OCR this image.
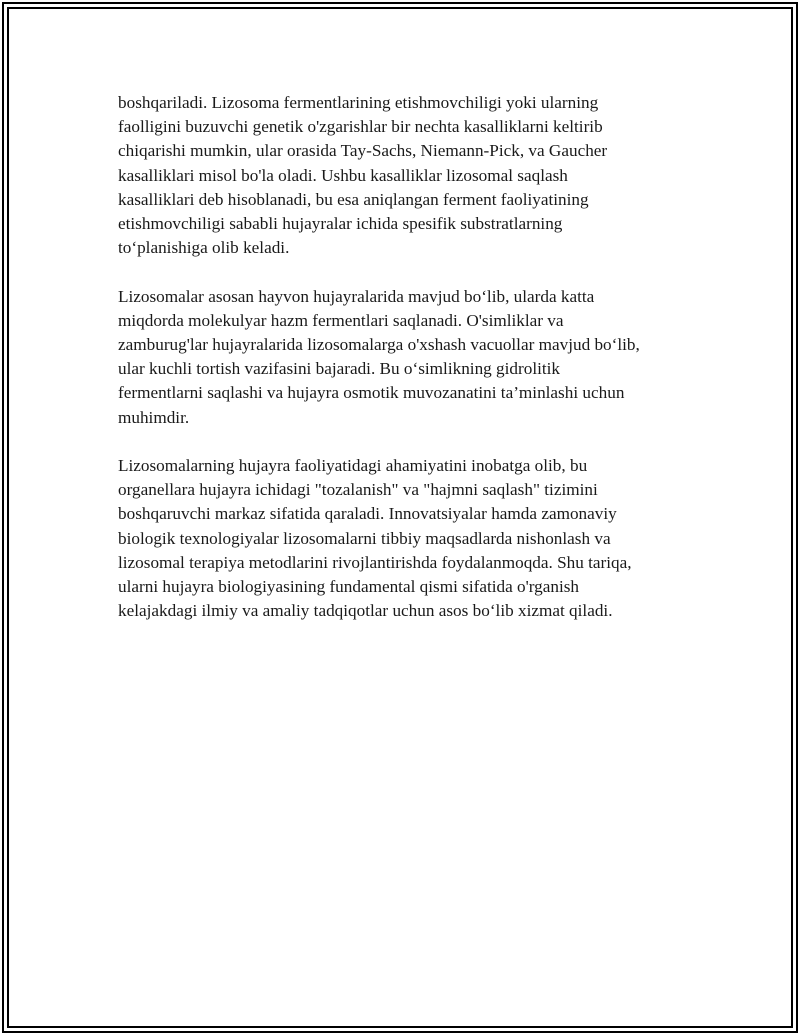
boshqariladi. Lizosoma fermentlarining etishmovchiligi yoki ularning
faolligini buzuvchi genetik o'zgarishlar bir nechta kasalliklarni keltirib
chiqarishi mumkin, ular orasida Tay-Sachs, Niemann-Pick, va Gaucher
kasalliklari misol bo'la oladi. Ushbu kasalliklar lizosomal saqlash
kasalliklari deb hisoblanadi, bu esa aniqlangan ferment faoliyatining
etishmovchiligi sababli hujayralar ichida spesifik substratlarning
to‘planishiga olib keladi.

Lizosomalar asosan hayvon hujayralarida mavjud bo‘lib, ularda katta
miqdorda molekulyar hazm fermentlari saqlanadi. O'simliklar va
zamburug'lar hujayralarida lizosomalarga o'xshash vacuollar mavjud bo‘lib,
ular kuchli tortish vazifasini bajaradi. Bu o‘simlikning gidrolitik
fermentlarni saqlashi va hujayra osmotik muvozanatini ta’minlashi uchun
muhimdir.

Lizosomalarning hujayra faoliyatidagi ahamiyatini inobatga olib, bu
organellara hujayra ichidagi "tozalanish" va "hajmni saqlash" tizimini
boshqaruvchi markaz sifatida qaraladi. Innovatsiyalar hamda zamonaviy
biologik texnologiyalar lizosomalarni tibbiy maqsadlarda nishonlash va
lizosomal terapiya metodlarini rivojlantirishda foydalanmoqda. Shu tariqa,
ularni hujayra biologiyasining fundamental qismi sifatida o'rganish
kelajakdagi ilmiy va amaliy tadqiqotlar uchun asos bo‘lib xizmat qiladi.
